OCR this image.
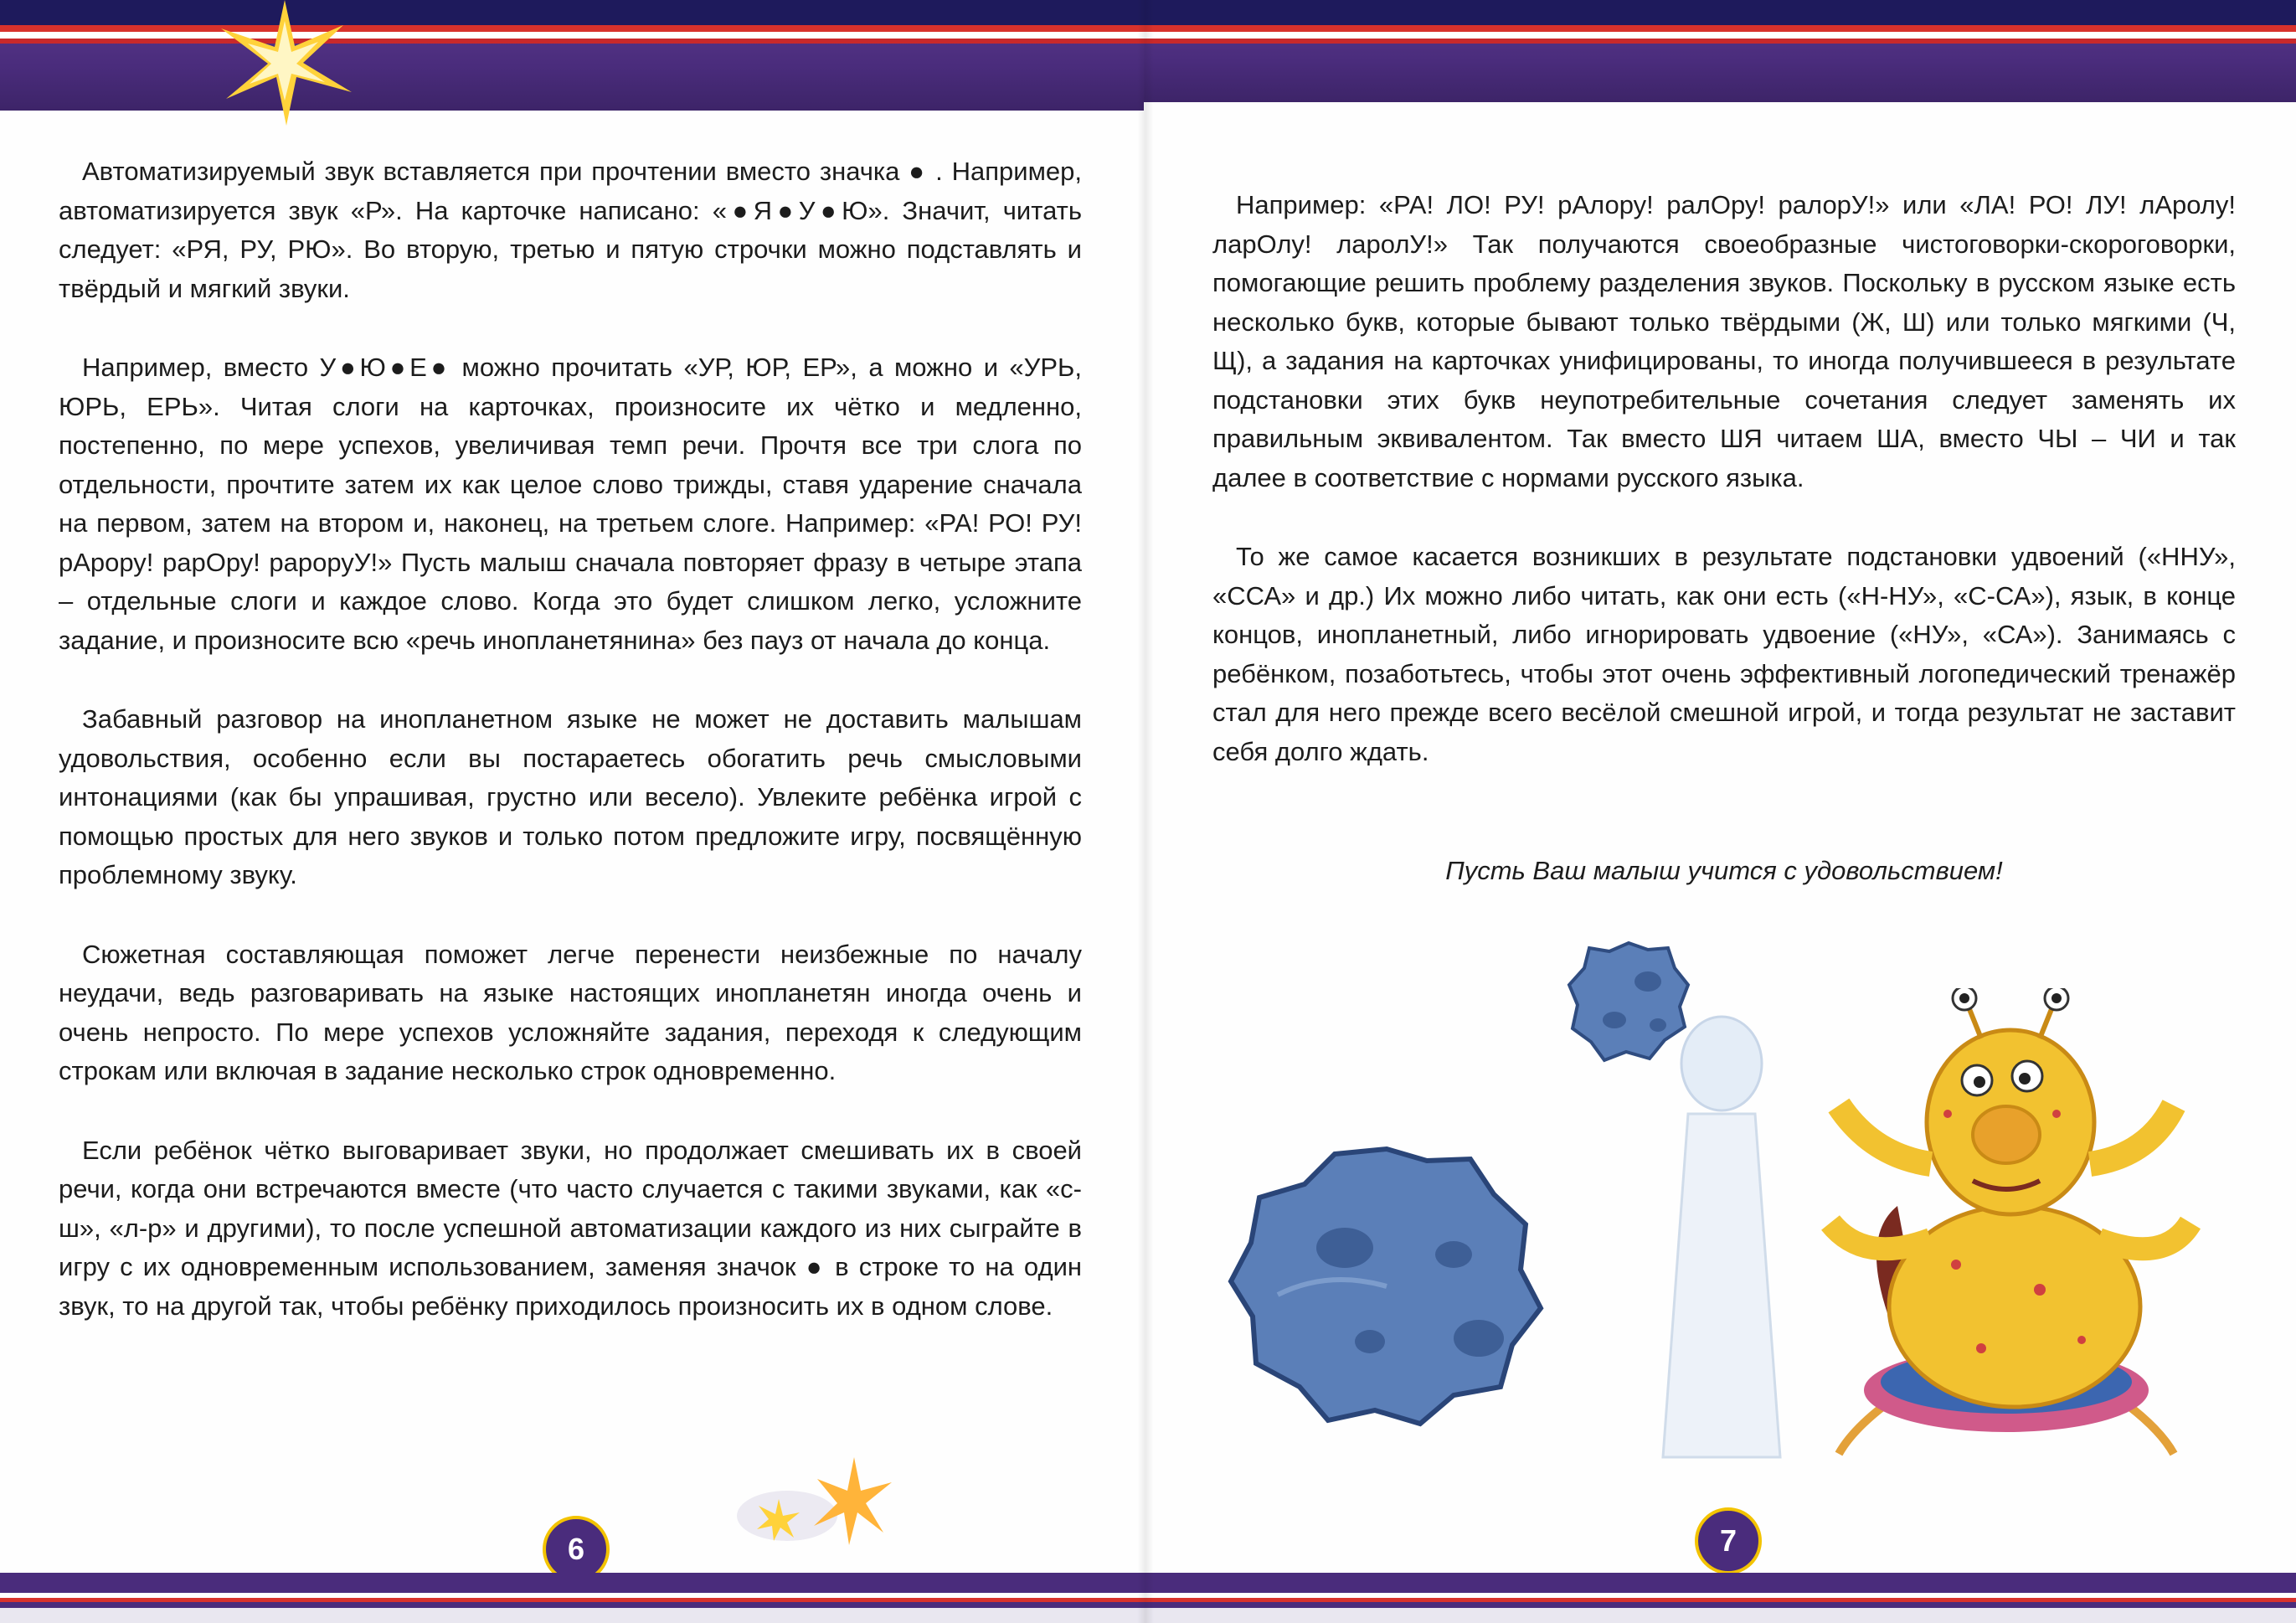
Автоматизируемый звук вставляется при прочтении вместо значка ● . Например, автоматизируется звук «Р». На карточке написано: «●Я●У●Ю». Значит, читать следует: «РЯ, РУ, РЮ». Во вторую, третью и пятую строчки можно подставлять и твёрдый и мягкий звуки.

Например, вместо У●Ю●Е● можно прочитать «УР, ЮР, ЕР», а можно и «УРЬ, ЮРЬ, ЕРЬ». Читая слоги на карточках, произносите их чётко и медленно, постепенно, по мере успехов, увеличивая темп речи. Прочтя все три слога по отдельности, прочтите затем их как целое слово трижды, ставя ударение сначала на первом, затем на втором и, наконец, на третьем слоге. Например: «РА! РО! РУ! рАрору! рарОру! рароруУ!» Пусть малыш сначала повторяет фразу в четыре этапа – отдельные слоги и каждое слово. Когда это будет слишком легко, усложните задание, и произносите всю «речь инопланетянина» без пауз от начала до конца.

Забавный разговор на инопланетном языке не может не доставить малышам удовольствия, особенно если вы постараетесь обогатить речь смысловыми интонациями (как бы упрашивая, грустно или весело). Увлеките ребёнка игрой с помощью простых для него звуков и только потом предложите игру, посвящённую проблемному звуку.

Сюжетная составляющая поможет легче перенести неизбежные по началу неудачи, ведь разговаривать на языке настоящих инопланетян иногда очень и очень непросто. По мере успехов усложняйте задания, переходя к следующим строкам или включая в задание несколько строк одновременно.

Если ребёнок чётко выговаривает звуки, но продолжает смешивать их в своей речи, когда они встречаются вместе (что часто случается с такими звуками, как «с-ш», «л-р» и другими), то после успешной автоматизации каждого из них сыграйте в игру с их одновременным использованием, заменяя значок ● в строке то на один звук, то на другой так, чтобы ребёнку приходилось произносить их в одном слове.

6

Например: «РА! ЛО! РУ! рАлору! ралОру! ралорУ!» или «ЛА! РО! ЛУ! лАролу! ларОлу! ларолУ!» Так получаются своеобразные чистоговорки-скороговорки, помогающие решить проблему разделения звуков. Поскольку в русском языке есть несколько букв, которые бывают только твёрдыми (Ж, Ш) или только мягкими (Ч, Щ), а задания на карточках унифицированы, то иногда получившееся в результате подстановки этих букв неупотребительные сочетания следует заменять их правильным эквивалентом. Так вместо ШЯ читаем ША, вместо ЧЫ – ЧИ и так далее в соответствие с нормами русского языка.

То же самое касается возникших в результате подстановки удвоений («ННУ», «ССА» и др.) Их можно либо читать, как они есть («Н-НУ», «С-СА»), язык, в конце концов, инопланетный, либо игнорировать удвоение («НУ», «СА»). Занимаясь с ребёнком, позаботьтесь, чтобы этот очень эффективный логопедический тренажёр стал для него прежде всего весёлой смешной игрой, и тогда результат не заставит себя долго ждать.

Пусть Ваш малыш учится с удовольствием!
7
